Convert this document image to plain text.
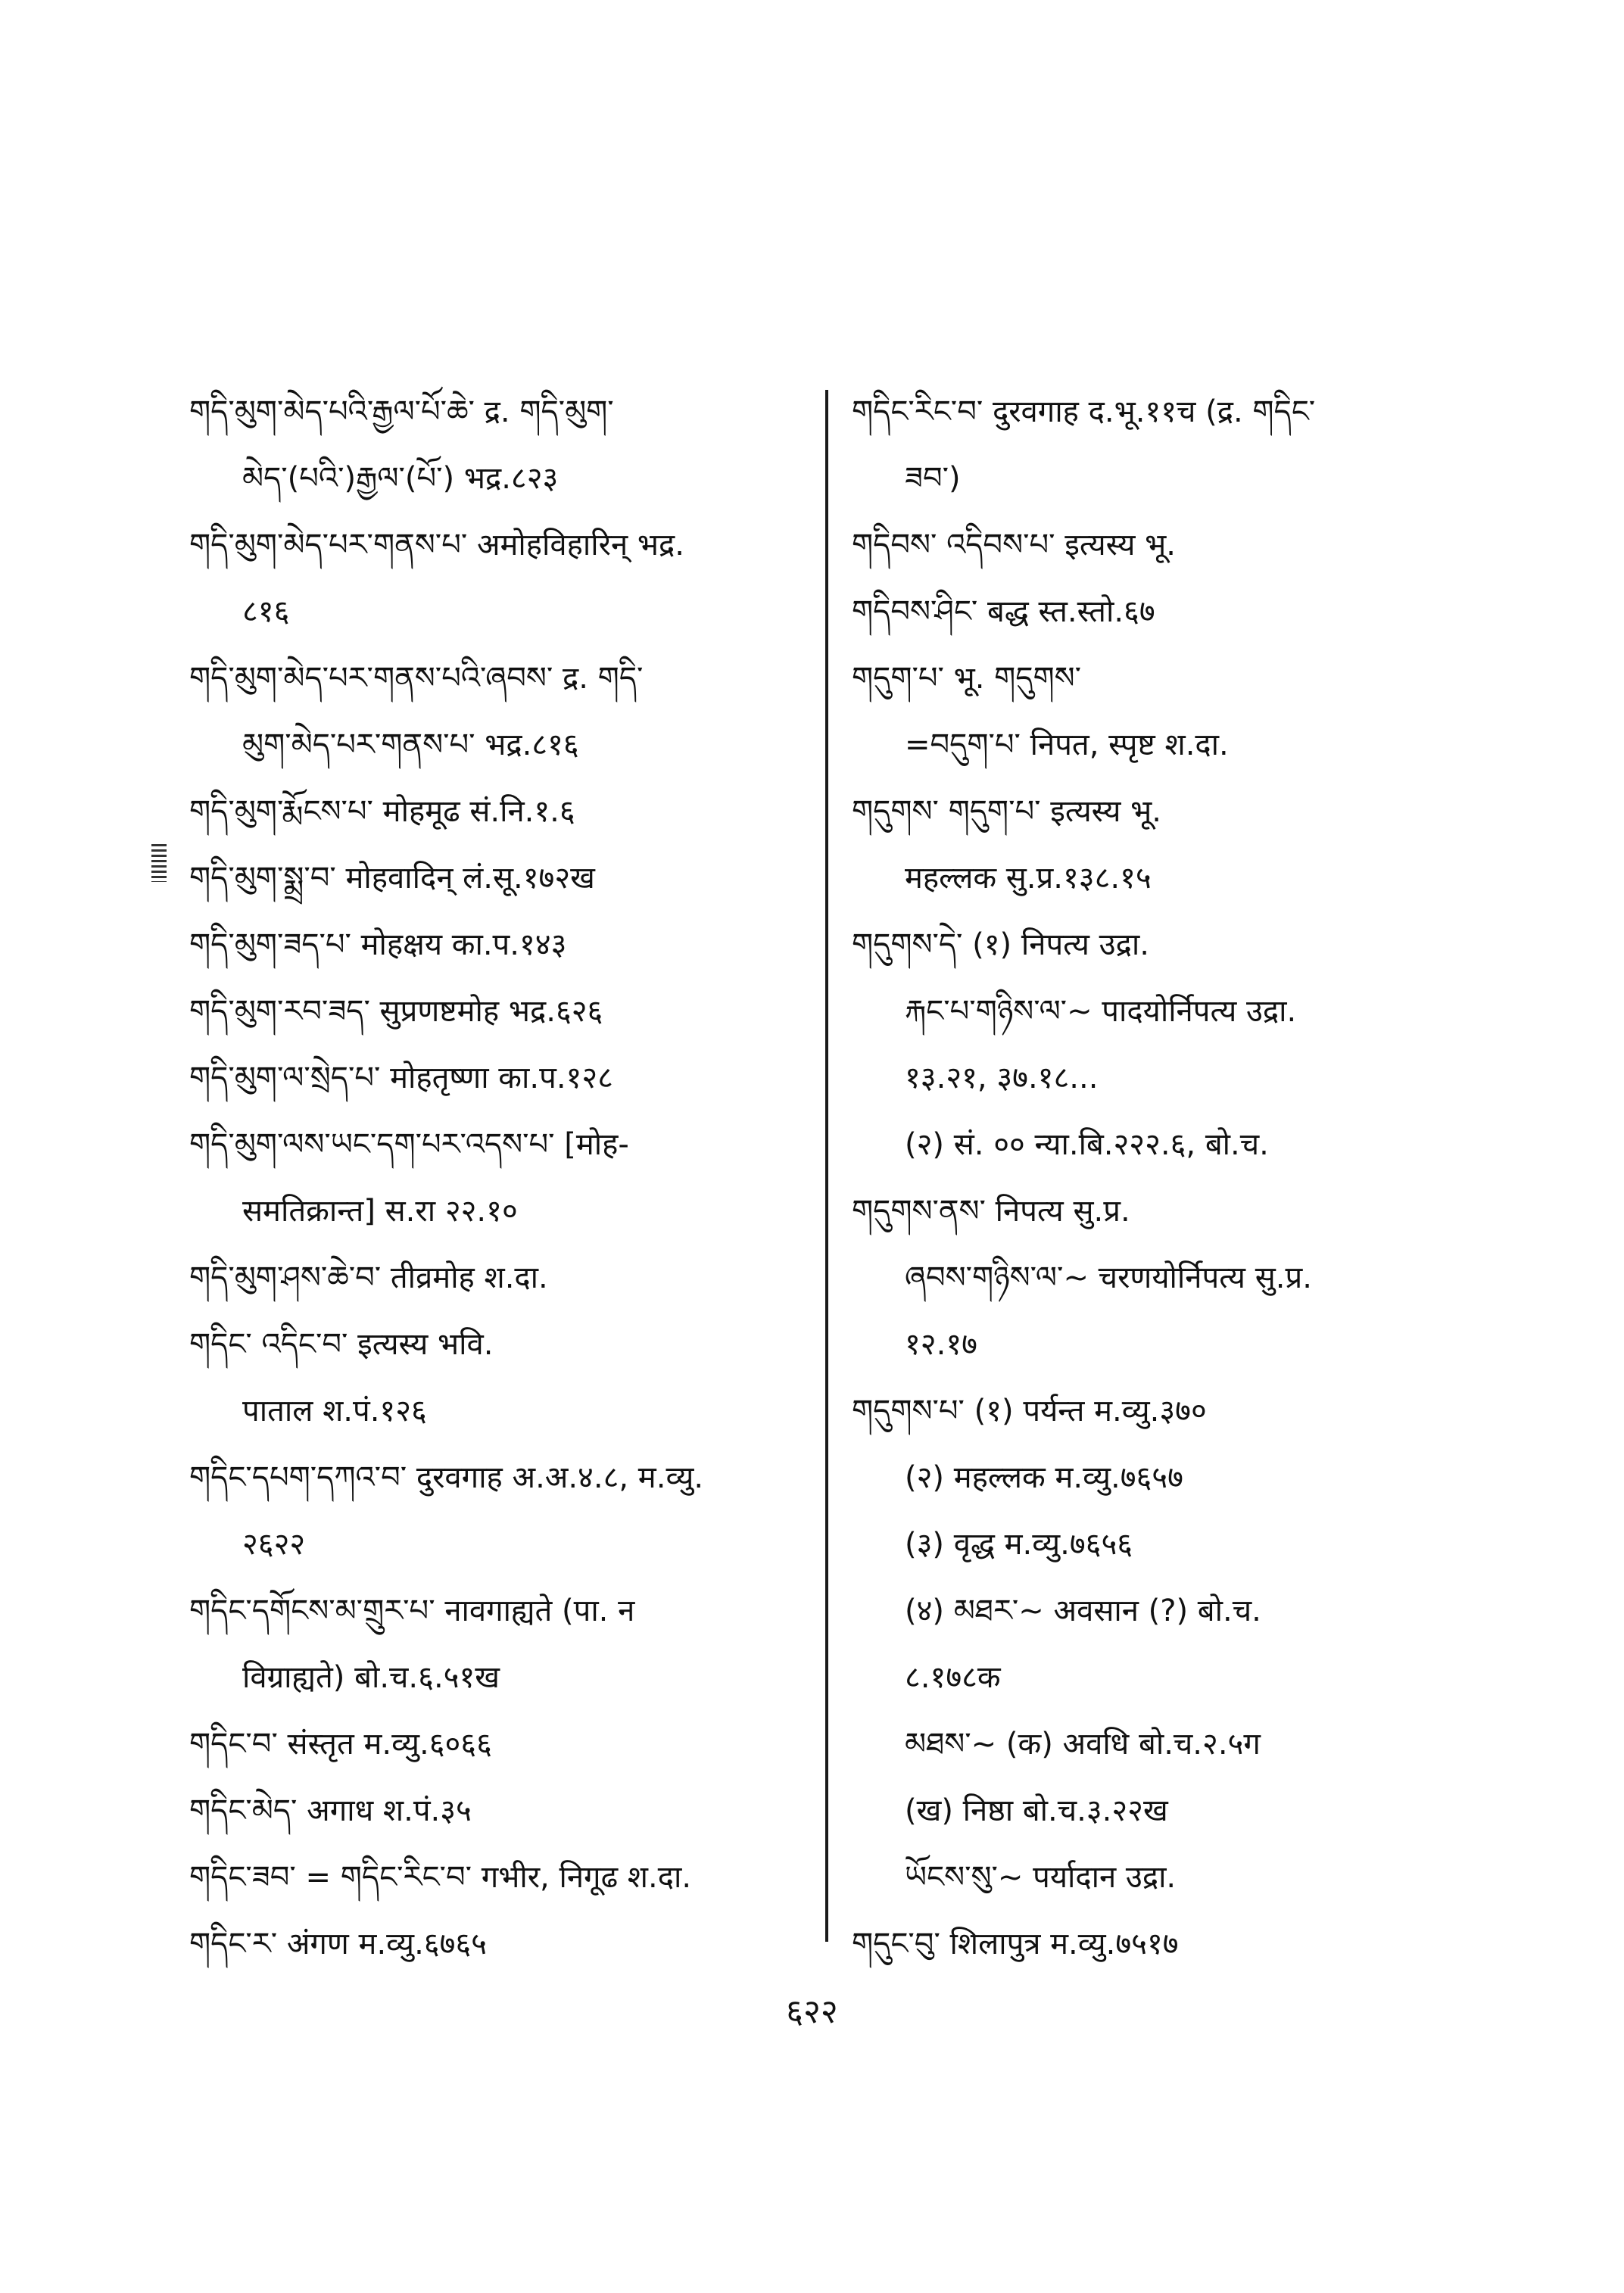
གདི་མུག་མེད་པའི་རྒྱལ་པོ་ཆེ་ द्र. གདི་མུག་
མེད་(པའི་)རྒྱལ་(པོ་) भद्र.८२३
གདི་མུག་མེད་པར་གནས་པ་ अमोहविहारिन् भद्र.
८१६
གདི་མུག་མེད་པར་གནས་པའི་ཞབས་ द्र. གདི་
མུག་མེད་པར་གནས་པ་ भद्र.८१६
གདི་མུག་རྨོངས་པ་ मोहमूढ सं.नि.१.६
གདི་མུག་སྨྲ་བ་ मोहवादिन् लं.सू.१७२ख
གདི་མུག་ཟད་པ་ मोहक्षय का.प.१४३
གདི་མུག་རབ་ཟད་ सुप्रणष्टमोह भद्र.६२६
གདི་མུག་ལ་སྲེད་པ་ मोहतृष्णा का.प.१२८
གདི་མུག་ལས་ཡང་དག་པར་འདས་པ་ [मोह-
समतिक्रान्त] स.रा २२.१०
གདི་མུག་ཤས་ཆེ་བ་ तीव्रमोह श.दा.
གདིང་ འདིང་བ་ इत्यस्य भवि.
पाताल श.पं.१२६
གདིང་དཔག་དཀའ་བ་ दुरवगाह अ.अ.४.८, म.व्यु.
२६२२
གདིང་དགོངས་མ་གྲུར་པ་ नावगाह्यते (पा. न
विग्राह्यते) बो.च.६.५१ख
གདིང་བ་ संस्तृत म.व्यु.६०६६
གདིང་མེད་ अगाध श.पं.३५
གདིང་ཟབ་ = གདིང་རིང་བ་ गभीर, निगूढ श.दा.
གདིང་ར་ अंगण म.व्यु.६७६५
གདིང་རིང་བ་ दुरवगाह द.भू.११च (द्र. གདིང་
ཟབ་)
གདིབས་ འདིབས་པ་ इत्यस्य भू.
གདིབས་ཤིང་ बद्ध स्त.स्तो.६७
གདུག་པ་ भू. གདུགས་
=བདུག་པ་ निपत, स्पृष्ट श.दा.
གདུགས་ གདུག་པ་ इत्यस्य भू.
महल्लक सु.प्र.१३८.१५
གདུགས་དེ་ (१) निपत्य उद्रा.
རྐང་པ་གཉིས་ལ་~ पादयोर्निपत्य उद्रा.
१३.२१, ३७.१८...
(२) सं. ०० न्या.बि.२२२.६, बो.च.
གདུགས་ནས་ निपत्य सु.प्र.
ཞབས་གཉིས་ལ་~ चरणयोर्निपत्य सु.प्र.
१२.१७
གདུགས་པ་ (१) पर्यन्त म.व्यु.३७०
(२) महल्लक म.व्यु.७६५७
(३) वृद्ध म.व्यु.७६५६
(४) མཐར་~ अवसान (?) बो.च.
८.१७८क
མཐས་~ (क) अवधि बो.च.२.५ग
(ख) निष्ठा बो.च.३.२२ख
ཡོངས་སུ་~ पर्यादान उद्रा.
གདུང་བུ་ शिलापुत्र म.व्यु.७५१७
६२२
